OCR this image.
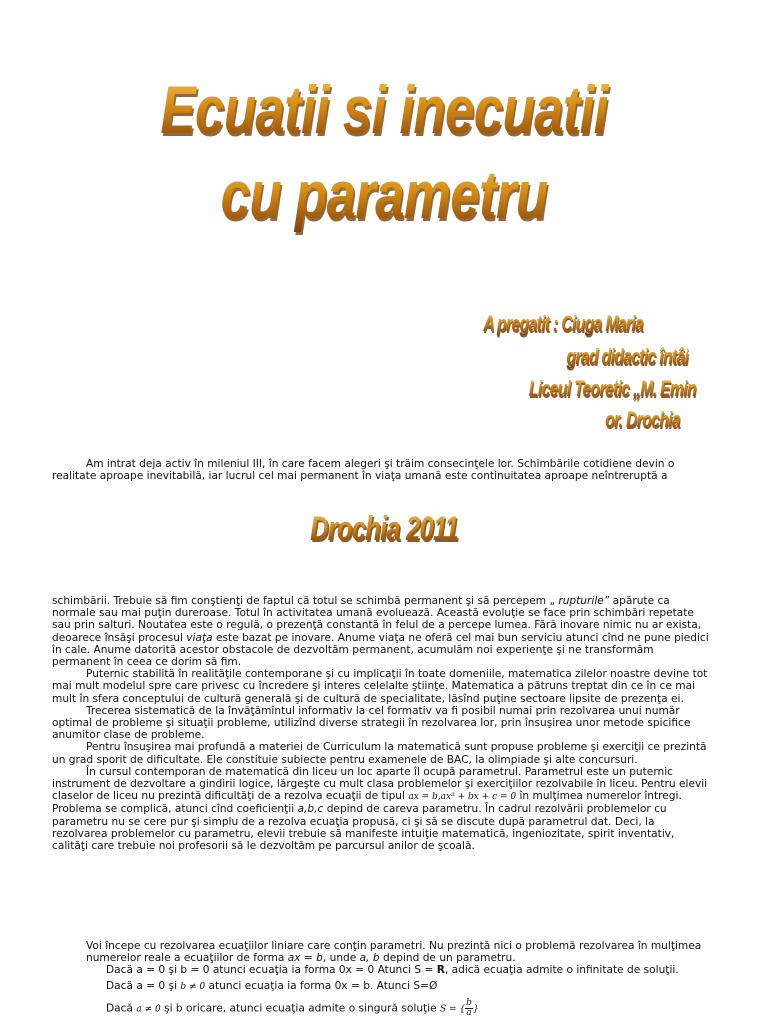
Ecuatii si inecuatii
cu parametru
A pregatit : Ciuga Maria
grad didactic întâi
Liceul Teoretic „M. Emin
or. Drochia

Am intrat deja activ în mileniul III, în care facem alegeri şi trăim consecinţele lor. Schimbările cotidiene devin o realitate aproape inevitabilă, iar lucrul cel mai permanent în viaţa umană este continuitatea aproape neîntreruptă a

Drochia 2011

schimbării. Trebuie să fim conştienţi de faptul că totul se schimbă permanent şi să percepem „ rupturile” apărute ca normale sau mai puţin dureroase. Totul în activitatea umană evoluează. Această evoluţie se face prin schimbări repetate sau prin salturi. Noutatea este o regulă, o prezenţă constantă în felul de a percepe lumea. Fără inovare nimic nu ar exista, deoarece însăşi procesul viaţa este bazat pe inovare. Anume viaţa ne oferă cel mai bun serviciu atunci cînd ne pune piedici în cale. Anume datorită acestor obstacole de dezvoltăm permanent, acumulăm noi experienţe şi ne transformăm permanent în ceea ce dorim să fim.

Puternic stabilită în realităţile contemporane şi cu implicaţii în toate domeniile, matematica zilelor noastre devine tot mai mult modelul spre care privesc cu încredere şi interes celelalte ştiinţe. Matematica a pătruns treptat din ce în ce mai mult în sfera conceptului de cultură generală şi de cultură de specialitate, lăsînd puţine sectoare lipsite de prezenţa ei.

Trecerea sistematică de la învăţămîntul informativ la cel formativ va fi posibil numai prin rezolvarea unui număr optimal de probleme şi situaţii probleme, utilizînd diverse strategii în rezolvarea lor, prin însuşirea unor metode spicifice anumitor clase de probleme.

Pentru însuşirea mai profundă a materiei de Curriculum la matematică sunt propuse probleme şi exerciţii ce prezintă un grad sporit de dificultate. Ele constituie subiecte pentru examenele de BAC, la olimpiade şi alte concursuri.

În cursul contemporan de matematică din liceu un loc aparte îl ocupă parametrul. Parametrul este un puternic instrument de dezvoltare a gindirii logice, lărgeşte cu mult clasa problemelor şi exerciţiilor rezolvabile în liceu. Pentru elevii claselor de liceu nu prezintă dificultăţi de a rezolva ecuaţii de tipul ax = b,ax² + bx + c = 0 în mulţimea numerelor întregi. Problema se complică, atunci cînd coeficienţii a,b,c depind de careva parametru. În cadrul rezolvării problemelor cu parametru nu se cere pur şi simplu de a rezolva ecuaţia propusă, ci şi să se discute după parametrul dat. Deci, la rezolvarea problemelor cu parametru, elevii trebuie să manifeste intuiţie matematică, ingeniozitate, spirit inventativ, calităţi care trebuie noi profesorii să le dezvoltăm pe parcursul anilor de şcoală.

Voi începe cu rezolvarea ecuaţiilor liniare care conţin parametri. Nu prezintă nici o problemă rezolvarea în mulţimea numerelor reale a ecuaţiilor de forma ax = b, unde a, b depind de un parametru.

Dacă a = 0 şi b = 0 atunci ecuaţia ia forma 0x = 0 Atunci S = R, adică ecuaţia admite o infinitate de soluţii.

Dacă a = 0 şi b ≠ 0 atunci ecuaţia ia forma 0x = b. Atunci S=Ø

Dacă a ≠ 0 şi b oricare, atunci ecuaţia admite o singură soluţie S = { $\frac{b}{a}$ }
